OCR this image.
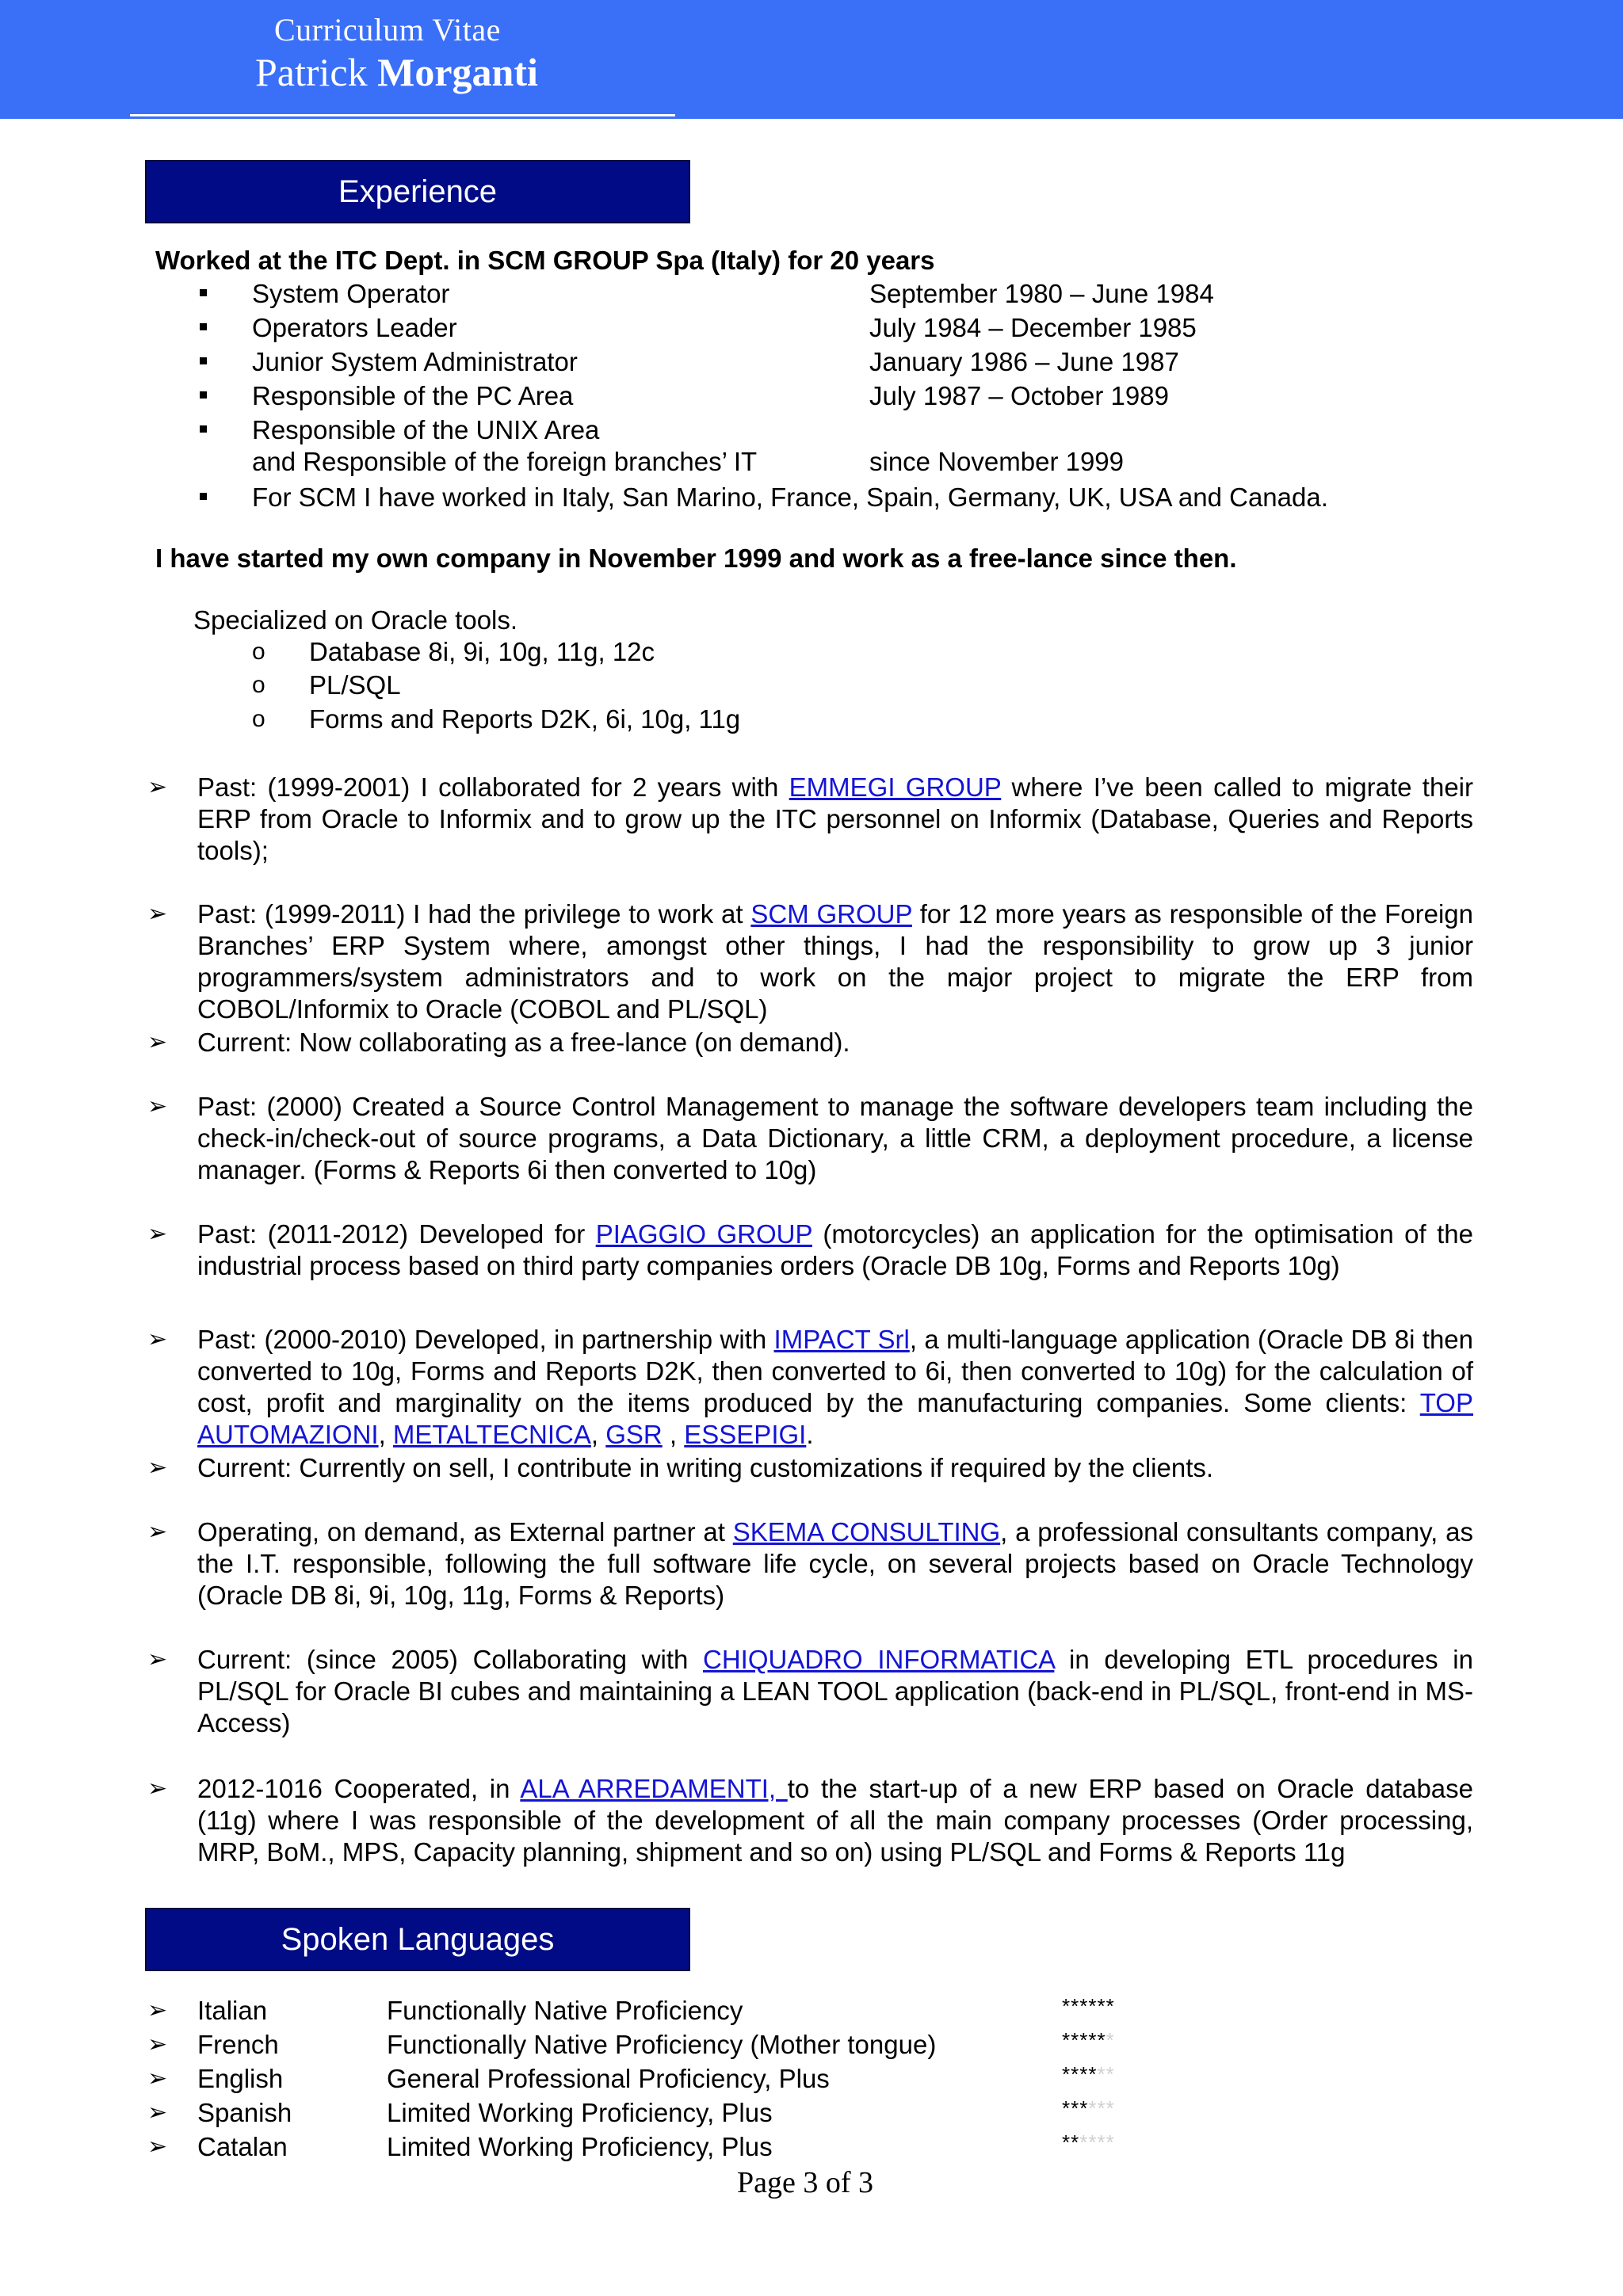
Curriculum Vitae
Patrick Morganti
Experience
Worked at the ITC Dept. in SCM GROUP Spa (Italy) for 20 years
System Operator	September 1980 – June 1984
Operators Leader	July 1984 – December 1985
Junior System Administrator	January 1986 – June 1987
Responsible of the PC Area	July 1987 – October 1989
Responsible of the UNIX Area
and Responsible of the foreign branches’ IT	since November 1999
For SCM I have worked in Italy, San Marino, France, Spain, Germany, UK, USA and Canada.
I have started my own company in November 1999 and work as a free-lance since then.
Specialized on Oracle tools.
o Database 8i, 9i, 10g, 11g, 12c
o PL/SQL
o Forms and Reports D2K, 6i, 10g, 11g
➢ Past: (1999-2001) I collaborated for 2 years with EMMEGI GROUP where I’ve been called to migrate their ERP from Oracle to Informix and to grow up the ITC personnel on Informix (Database, Queries and Reports tools);
➢ Past: (1999-2011) I had the privilege to work at SCM GROUP for 12 more years as responsible of the Foreign Branches’ ERP System where, amongst other things, I had the responsibility to grow up 3 junior programmers/system administrators and to work on the major project to migrate the ERP from COBOL/Informix to Oracle (COBOL and PL/SQL)
➢ Current: Now collaborating as a free-lance (on demand).
➢ Past: (2000) Created a Source Control Management to manage the software developers team including the check-in/check-out of source programs, a Data Dictionary, a little CRM, a deployment procedure, a license manager. (Forms & Reports 6i then converted to 10g)
➢ Past: (2011-2012) Developed for PIAGGIO GROUP (motorcycles) an application for the optimisation of the industrial process based on third party companies orders (Oracle DB 10g, Forms and Reports 10g)
➢ Past: (2000-2010) Developed, in partnership with IMPACT Srl, a multi-language application (Oracle DB 8i then converted to 10g, Forms and Reports D2K, then converted to 6i, then converted to 10g) for the calculation of cost, profit and marginality on the items produced by the manufacturing companies. Some clients: TOP AUTOMAZIONI, METALTECNICA, GSR , ESSEPIGI.
➢ Current: Currently on sell, I contribute in writing customizations if required by the clients.
➢ Operating, on demand, as External partner at SKEMA CONSULTING, a professional consultants company, as the I.T. responsible, following the full software life cycle, on several projects based on Oracle Technology (Oracle DB 8i, 9i, 10g, 11g, Forms & Reports)
➢ Current: (since 2005) Collaborating with CHIQUADRO INFORMATICA in developing ETL procedures in PL/SQL for Oracle BI cubes and maintaining a LEAN TOOL application (back-end in PL/SQL, front-end in MS-Access)
➢ 2012-1016 Cooperated, in ALA ARREDAMENTI, to the start-up of a new ERP based on Oracle database (11g) where I was responsible of the development of all the main company processes (Order processing, MRP, BoM., MPS, Capacity planning, shipment and so on) using PL/SQL and Forms & Reports 11g
Spoken Languages
➢ Italian	Functionally Native Proficiency	******
➢ French	Functionally Native Proficiency (Mother tongue)	******
➢ English	General Professional Proficiency, Plus	******
➢ Spanish	Limited Working Proficiency, Plus	******
➢ Catalan	Limited Working Proficiency, Plus	******
Page 3 of 3
